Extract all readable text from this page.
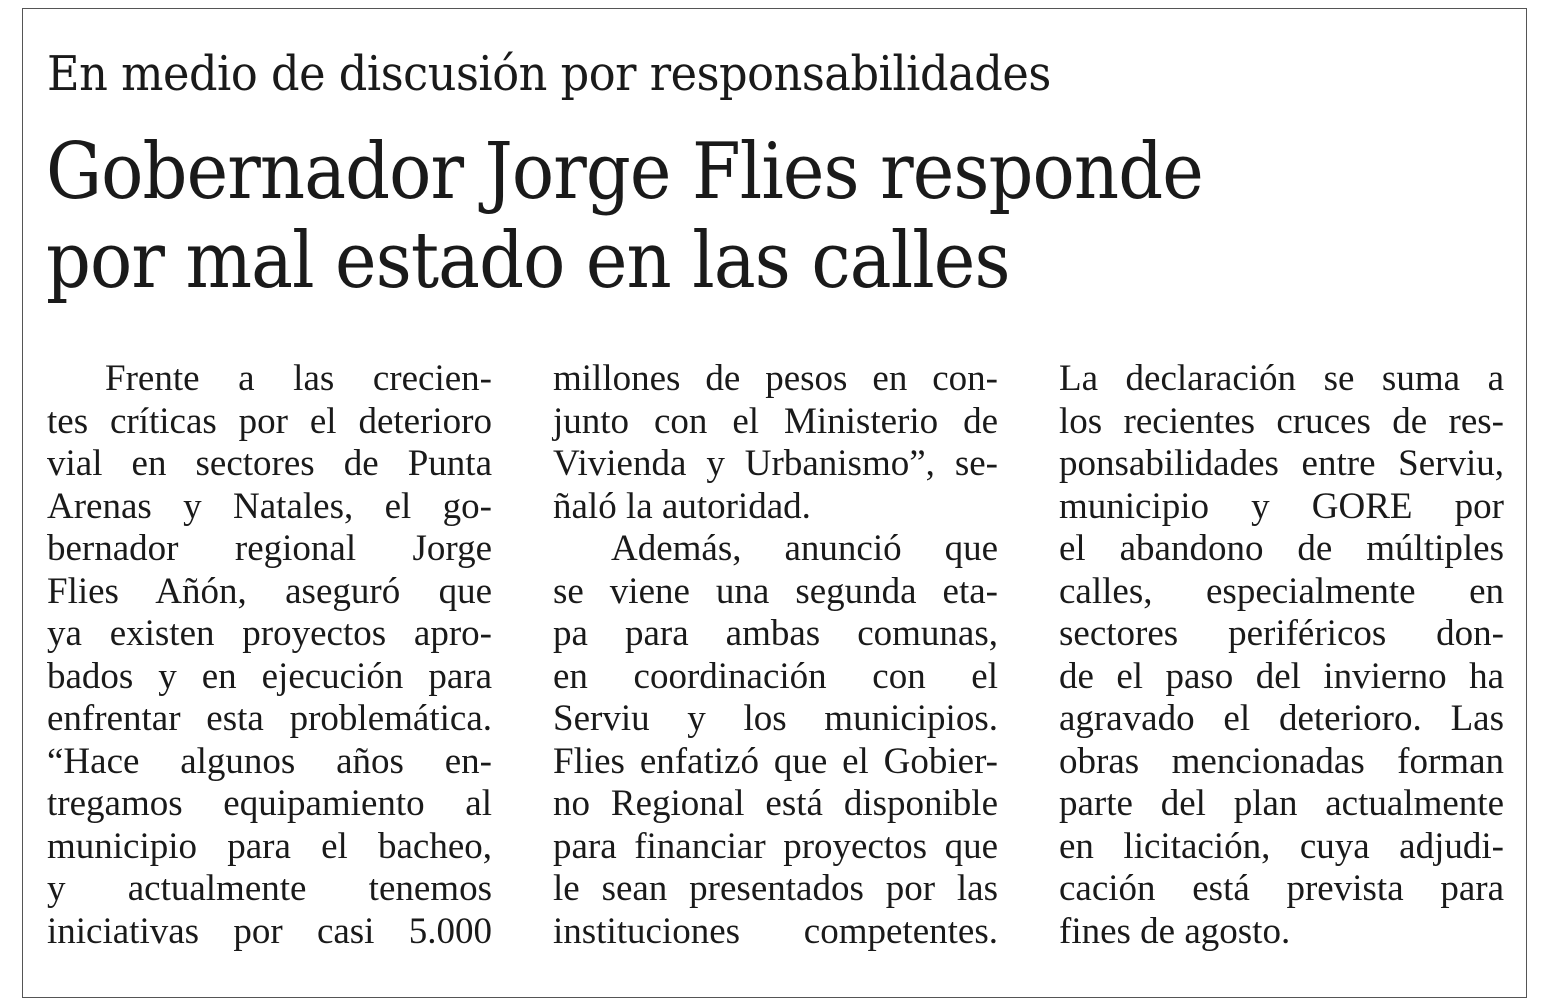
En medio de discusión por responsabilidades
Gobernador Jorge Flies responde
por mal estado en las calles
Frente a las crecien-
tes críticas por el deterioro
vial en sectores de Punta
Arenas y Natales, el go-
bernador regional Jorge
Flies Añón, aseguró que
ya existen proyectos apro-
bados y en ejecución para
enfrentar esta problemática.
“Hace algunos años en-
tregamos equipamiento al
municipio para el bacheo,
y actualmente tenemos
iniciativas por casi 5.000
millones de pesos en con-
junto con el Ministerio de
Vivienda y Urbanismo”, se-
ñaló la autoridad.
Además, anunció que
se viene una segunda eta-
pa para ambas comunas,
en coordinación con el
Serviu y los municipios.
Flies enfatizó que el Gobier-
no Regional está disponible
para financiar proyectos que
le sean presentados por las
instituciones competentes.
La declaración se suma a
los recientes cruces de res-
ponsabilidades entre Serviu,
municipio y GORE por
el abandono de múltiples
calles, especialmente en
sectores periféricos don-
de el paso del invierno ha
agravado el deterioro. Las
obras mencionadas forman
parte del plan actualmente
en licitación, cuya adjudi-
cación está prevista para
fines de agosto.
